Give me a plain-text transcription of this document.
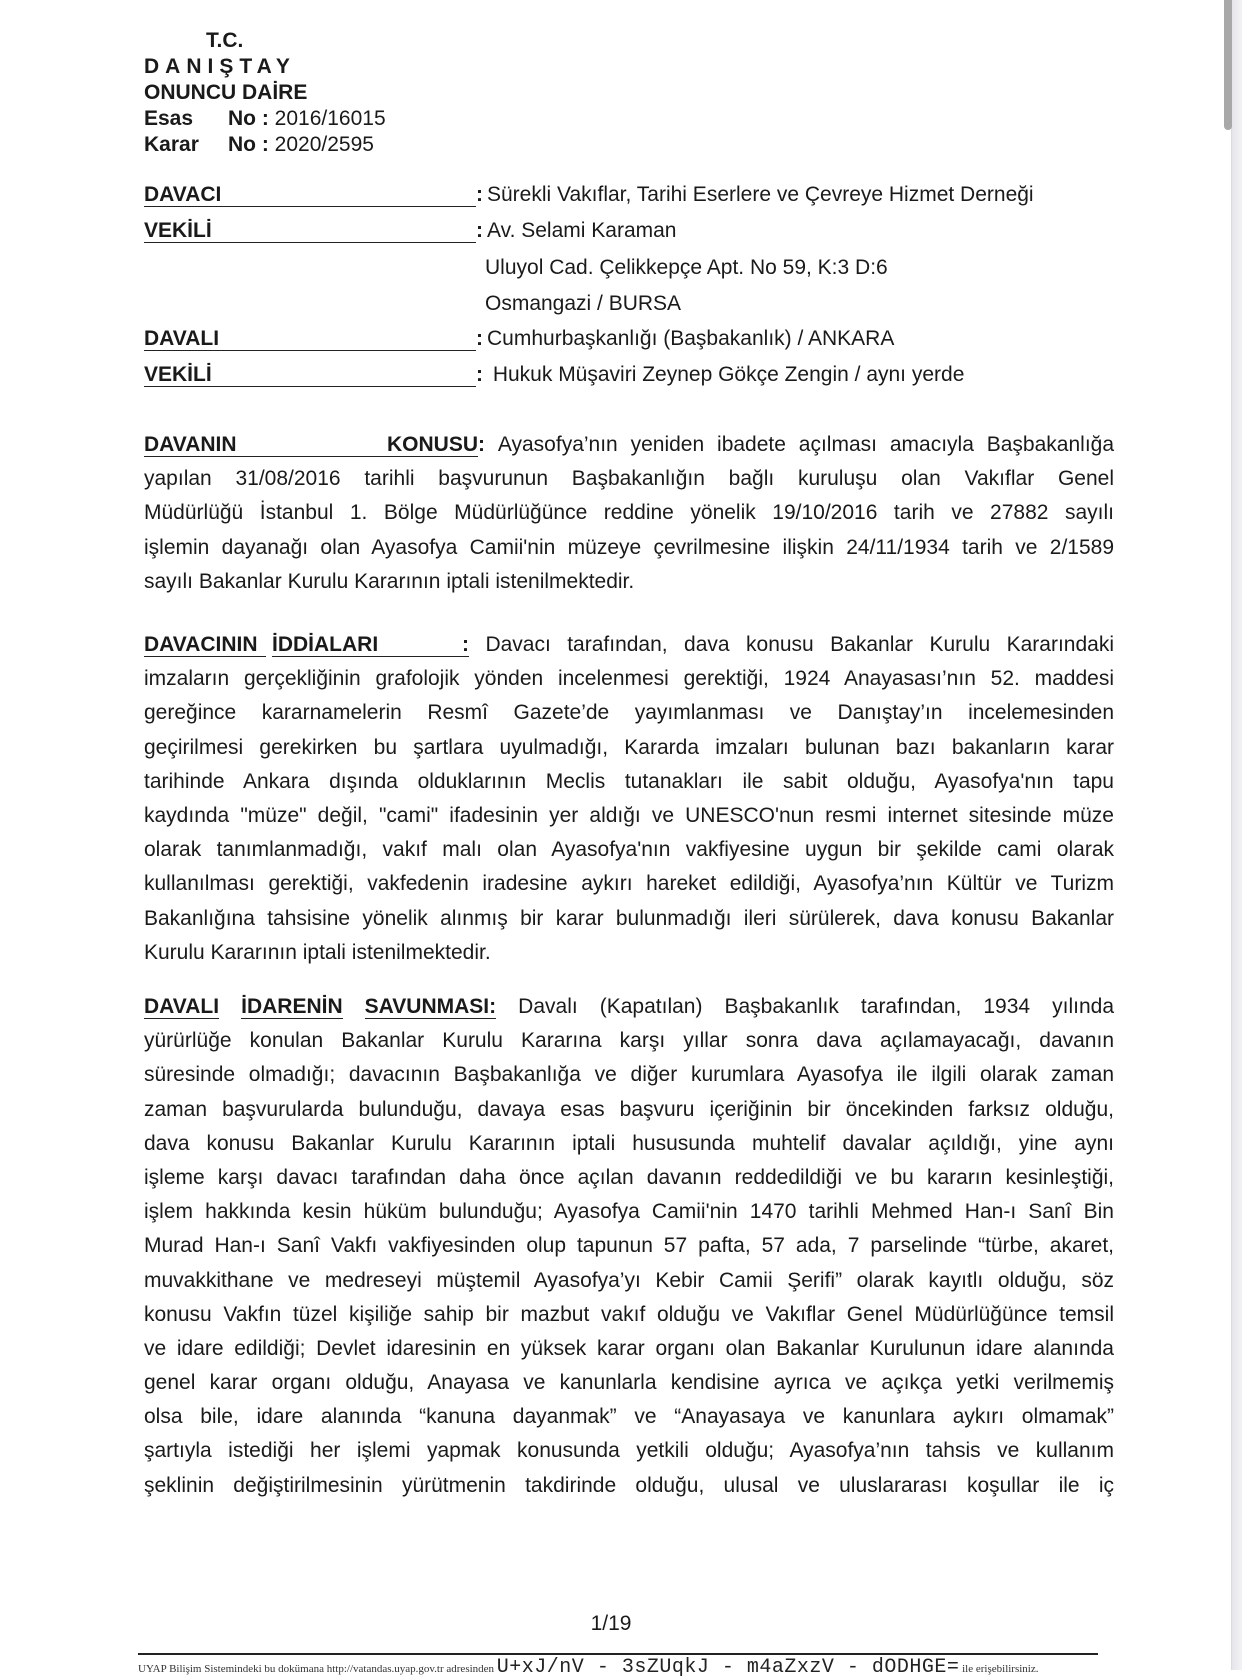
T.C.
DANIŞTAY
ONUNCU DAİRE
Esas No : 2016/16015
Karar No : 2020/2595
DAVACI	: Sürekli Vakıflar, Tarihi Eserlere ve Çevreye Hizmet Derneği
VEKİLİ	: Av. Selami Karaman
Uluyol Cad. Çelikkepçe Apt. No 59, K:3 D:6
Osmangazi / BURSA
DAVALI	: Cumhurbaşkanlığı (Başbakanlık) / ANKARA
VEKİLİ	: Hukuk Müşaviri Zeynep Gökçe Zengin / aynı yerde
DAVANIN KONUSU: Ayasofya’nın yeniden ibadete açılması amacıyla Başbakanlığa
yapılan 31/08/2016 tarihli başvurunun Başbakanlığın bağlı kuruluşu olan Vakıflar Genel
Müdürlüğü İstanbul 1. Bölge Müdürlüğünce reddine yönelik 19/10/2016 tarih ve 27882 sayılı
işlemin dayanağı olan Ayasofya Camii'nin müzeye çevrilmesine ilişkin 24/11/1934 tarih ve 2/1589
sayılı Bakanlar Kurulu Kararının iptali istenilmektedir.
DAVACININ İDDİALARI	: Davacı tarafından, dava konusu Bakanlar Kurulu Kararındaki
imzaların gerçekliğinin grafolojik yönden incelenmesi gerektiği, 1924 Anayasası’nın 52. maddesi
gereğince kararnamelerin Resmî Gazete’de yayımlanması ve Danıştay’ın incelemesinden
geçirilmesi gerekirken bu şartlara uyulmadığı, Kararda imzaları bulunan bazı bakanların karar
tarihinde Ankara dışında olduklarının Meclis tutanakları ile sabit olduğu, Ayasofya'nın tapu
kaydında "müze" değil, "cami" ifadesinin yer aldığı ve UNESCO'nun resmi internet sitesinde müze
olarak tanımlanmadığı, vakıf malı olan Ayasofya'nın vakfiyesine uygun bir şekilde cami olarak
kullanılması gerektiği, vakfedenin iradesine aykırı hareket edildiği, Ayasofya’nın Kültür ve Turizm
Bakanlığına tahsisine yönelik alınmış bir karar bulunmadığı ileri sürülerek, dava konusu Bakanlar
Kurulu Kararının iptali istenilmektedir.
DAVALI İDARENİN SAVUNMASI: Davalı (Kapatılan) Başbakanlık tarafından, 1934 yılında
yürürlüğe konulan Bakanlar Kurulu Kararına karşı yıllar sonra dava açılamayacağı, davanın
süresinde olmadığı; davacının Başbakanlığa ve diğer kurumlara Ayasofya ile ilgili olarak zaman
zaman başvurularda bulunduğu, davaya esas başvuru içeriğinin bir öncekinden farksız olduğu,
dava konusu Bakanlar Kurulu Kararının iptali hususunda muhtelif davalar açıldığı, yine aynı
işleme karşı davacı tarafından daha önce açılan davanın reddedildiği ve bu kararın kesinleştiği,
işlem hakkında kesin hüküm bulunduğu; Ayasofya Camii'nin 1470 tarihli Mehmed Han-ı Sanî Bin
Murad Han-ı Sanî Vakfı vakfiyesinden olup tapunun 57 pafta, 57 ada, 7 parselinde “türbe, akaret,
muvakkithane ve medreseyi müştemil Ayasofya’yı Kebir Camii Şerifi” olarak kayıtlı olduğu, söz
konusu Vakfın tüzel kişiliğe sahip bir mazbut vakıf olduğu ve Vakıflar Genel Müdürlüğünce temsil
ve idare edildiği; Devlet idaresinin en yüksek karar organı olan Bakanlar Kurulunun idare alanında
genel karar organı olduğu, Anayasa ve kanunlarla kendisine ayrıca ve açıkça yetki verilmemiş
olsa bile, idare alanında “kanuna dayanmak” ve “Anayasaya ve kanunlara aykırı olmamak”
şartıyla istediği her işlemi yapmak konusunda yetkili olduğu; Ayasofya’nın tahsis ve kullanım
şeklinin değiştirilmesinin yürütmenin takdirinde olduğu, ulusal ve uluslararası koşullar ile iç
1/19
UYAP Bilişim Sistemindeki bu dokümana http://vatandas.uyap.gov.tr adresinden U+xJ/nV - 3sZUqkJ - m4aZxzV - dODHGE= ile erişebilirsiniz.
